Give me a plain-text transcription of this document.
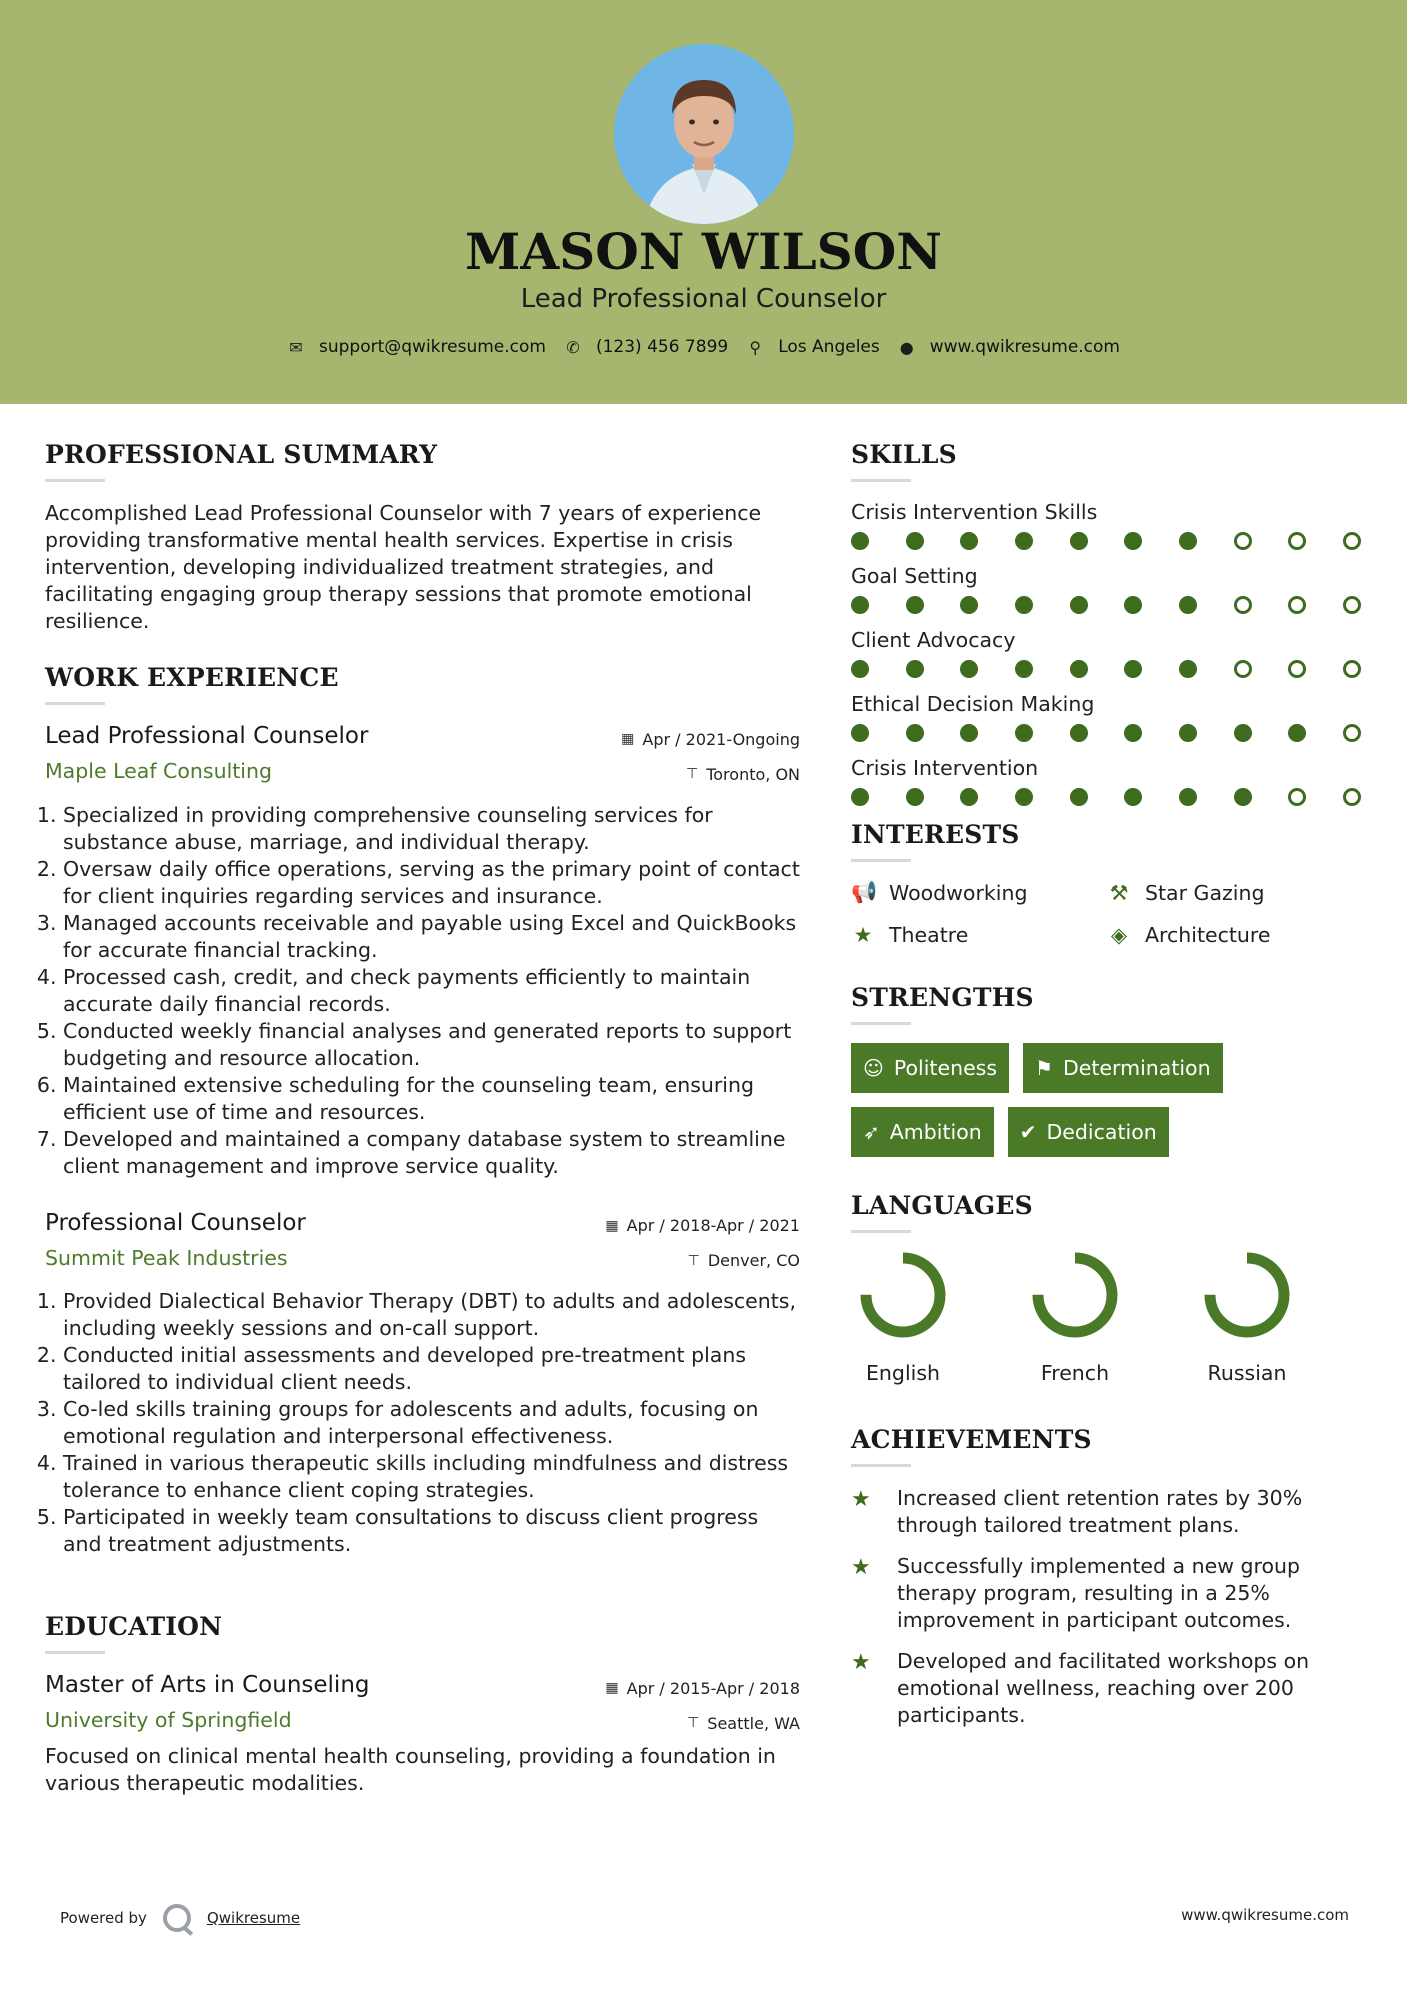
MASON WILSON
Lead Professional Counselor
✉ support@qwikresume.com ✆ (123) 456 7899 ⚲ Los Angeles ● www.qwikresume.com
PROFESSIONAL SUMMARY
Accomplished Lead Professional Counselor with 7 years of experience providing transformative mental health services. Expertise in crisis intervention, developing individualized treatment strategies, and facilitating engaging group therapy sessions that promote emotional resilience.
WORK EXPERIENCE
Lead Professional Counselor	▦ Apr / 2021-Ongoing
Maple Leaf Consulting	⊤ Toronto, ON
1. Specialized in providing comprehensive counseling services for substance abuse, marriage, and individual therapy.
2. Oversaw daily office operations, serving as the primary point of contact for client inquiries regarding services and insurance.
3. Managed accounts receivable and payable using Excel and QuickBooks for accurate financial tracking.
4. Processed cash, credit, and check payments efficiently to maintain accurate daily financial records.
5. Conducted weekly financial analyses and generated reports to support budgeting and resource allocation.
6. Maintained extensive scheduling for the counseling team, ensuring efficient use of time and resources.
7. Developed and maintained a company database system to streamline client management and improve service quality.
Professional Counselor	▦ Apr / 2018-Apr / 2021
Summit Peak Industries	⊤ Denver, CO
1. Provided Dialectical Behavior Therapy (DBT) to adults and adolescents, including weekly sessions and on-call support.
2. Conducted initial assessments and developed pre-treatment plans tailored to individual client needs.
3. Co-led skills training groups for adolescents and adults, focusing on emotional regulation and interpersonal effectiveness.
4. Trained in various therapeutic skills including mindfulness and distress tolerance to enhance client coping strategies.
5. Participated in weekly team consultations to discuss client progress and treatment adjustments.
EDUCATION
Master of Arts in Counseling	▦ Apr / 2015-Apr / 2018
University of Springfield	⊤ Seattle, WA
Focused on clinical mental health counseling, providing a foundation in various therapeutic modalities.
SKILLS
Crisis Intervention Skills
Goal Setting
Client Advocacy
Ethical Decision Making
Crisis Intervention
INTERESTS
📢 Woodworking	⚒ Star Gazing
★ Theatre	◈ Architecture
STRENGTHS
☺ Politeness ⚑ Determination
➶ Ambition ✔ Dedication
LANGUAGES
English	French	Russian
ACHIEVEMENTS
★	Increased client retention rates by 30% through tailored treatment plans.
★	Successfully implemented a new group therapy program, resulting in a 25% improvement in participant outcomes.
★	Developed and facilitated workshops on emotional wellness, reaching over 200 participants.
Powered by	Qwikresume	www.qwikresume.com
